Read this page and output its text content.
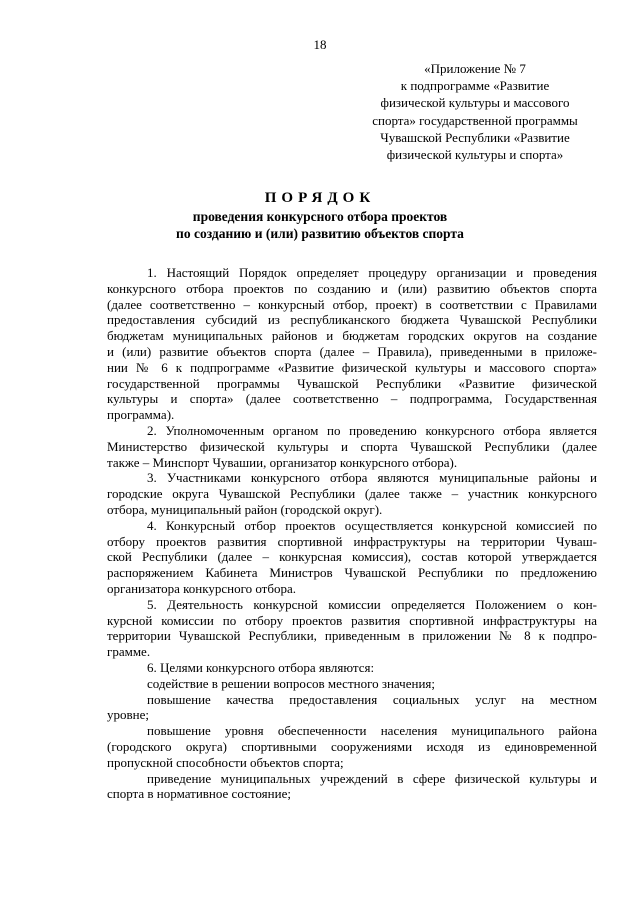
18
«Приложение № 7
к подпрограмме «Развитие
физической культуры и массового
спорта» государственной программы
Чувашской Республики «Развитие
физической культуры и спорта»
ПОРЯДОК
проведения конкурсного отбора проектов
по созданию и (или) развитию объектов спорта
1. Настоящий Порядок определяет процедуру организации и проведения
конкурсного отбора проектов по созданию и (или) развитию объектов спорта
(далее соответственно – конкурсный отбор, проект) в соответствии с Правилами
предоставления субсидий из республиканского бюджета Чувашской Республики
бюджетам муниципальных районов и бюджетам городских округов на создание
и (или) развитие объектов спорта (далее – Правила), приведенными в приложе-
нии № 6 к подпрограмме «Развитие физической культуры и массового спорта»
государственной программы Чувашской Республики «Развитие физической
культуры и спорта» (далее соответственно – подпрограмма, Государственная
программа).
2. Уполномоченным органом по проведению конкурсного отбора является
Министерство физической культуры и спорта Чувашской Республики (далее
также – Минспорт Чувашии, организатор конкурсного отбора).
3. Участниками конкурсного отбора являются муниципальные районы и
городские округа Чувашской Республики (далее также – участник конкурсного
отбора, муниципальный район (городской округ).
4. Конкурсный отбор проектов осуществляется конкурсной комиссией по
отбору проектов развития спортивной инфраструктуры на территории Чуваш-
ской Республики (далее – конкурсная комиссия), состав которой утверждается
распоряжением Кабинета Министров Чувашской Республики по предложению
организатора конкурсного отбора.
5. Деятельность конкурсной комиссии определяется Положением о кон-
курсной комиссии по отбору проектов развития спортивной инфраструктуры на
территории Чувашской Республики, приведенным в приложении № 8 к подпро-
грамме.
6. Целями конкурсного отбора являются:
содействие в решении вопросов местного значения;
повышение качества предоставления социальных услуг на местном
уровне;
повышение уровня обеспеченности населения муниципального района
(городского округа) спортивными сооружениями исходя из единовременной
пропускной способности объектов спорта;
приведение муниципальных учреждений в сфере физической культуры и
спорта в нормативное состояние;
